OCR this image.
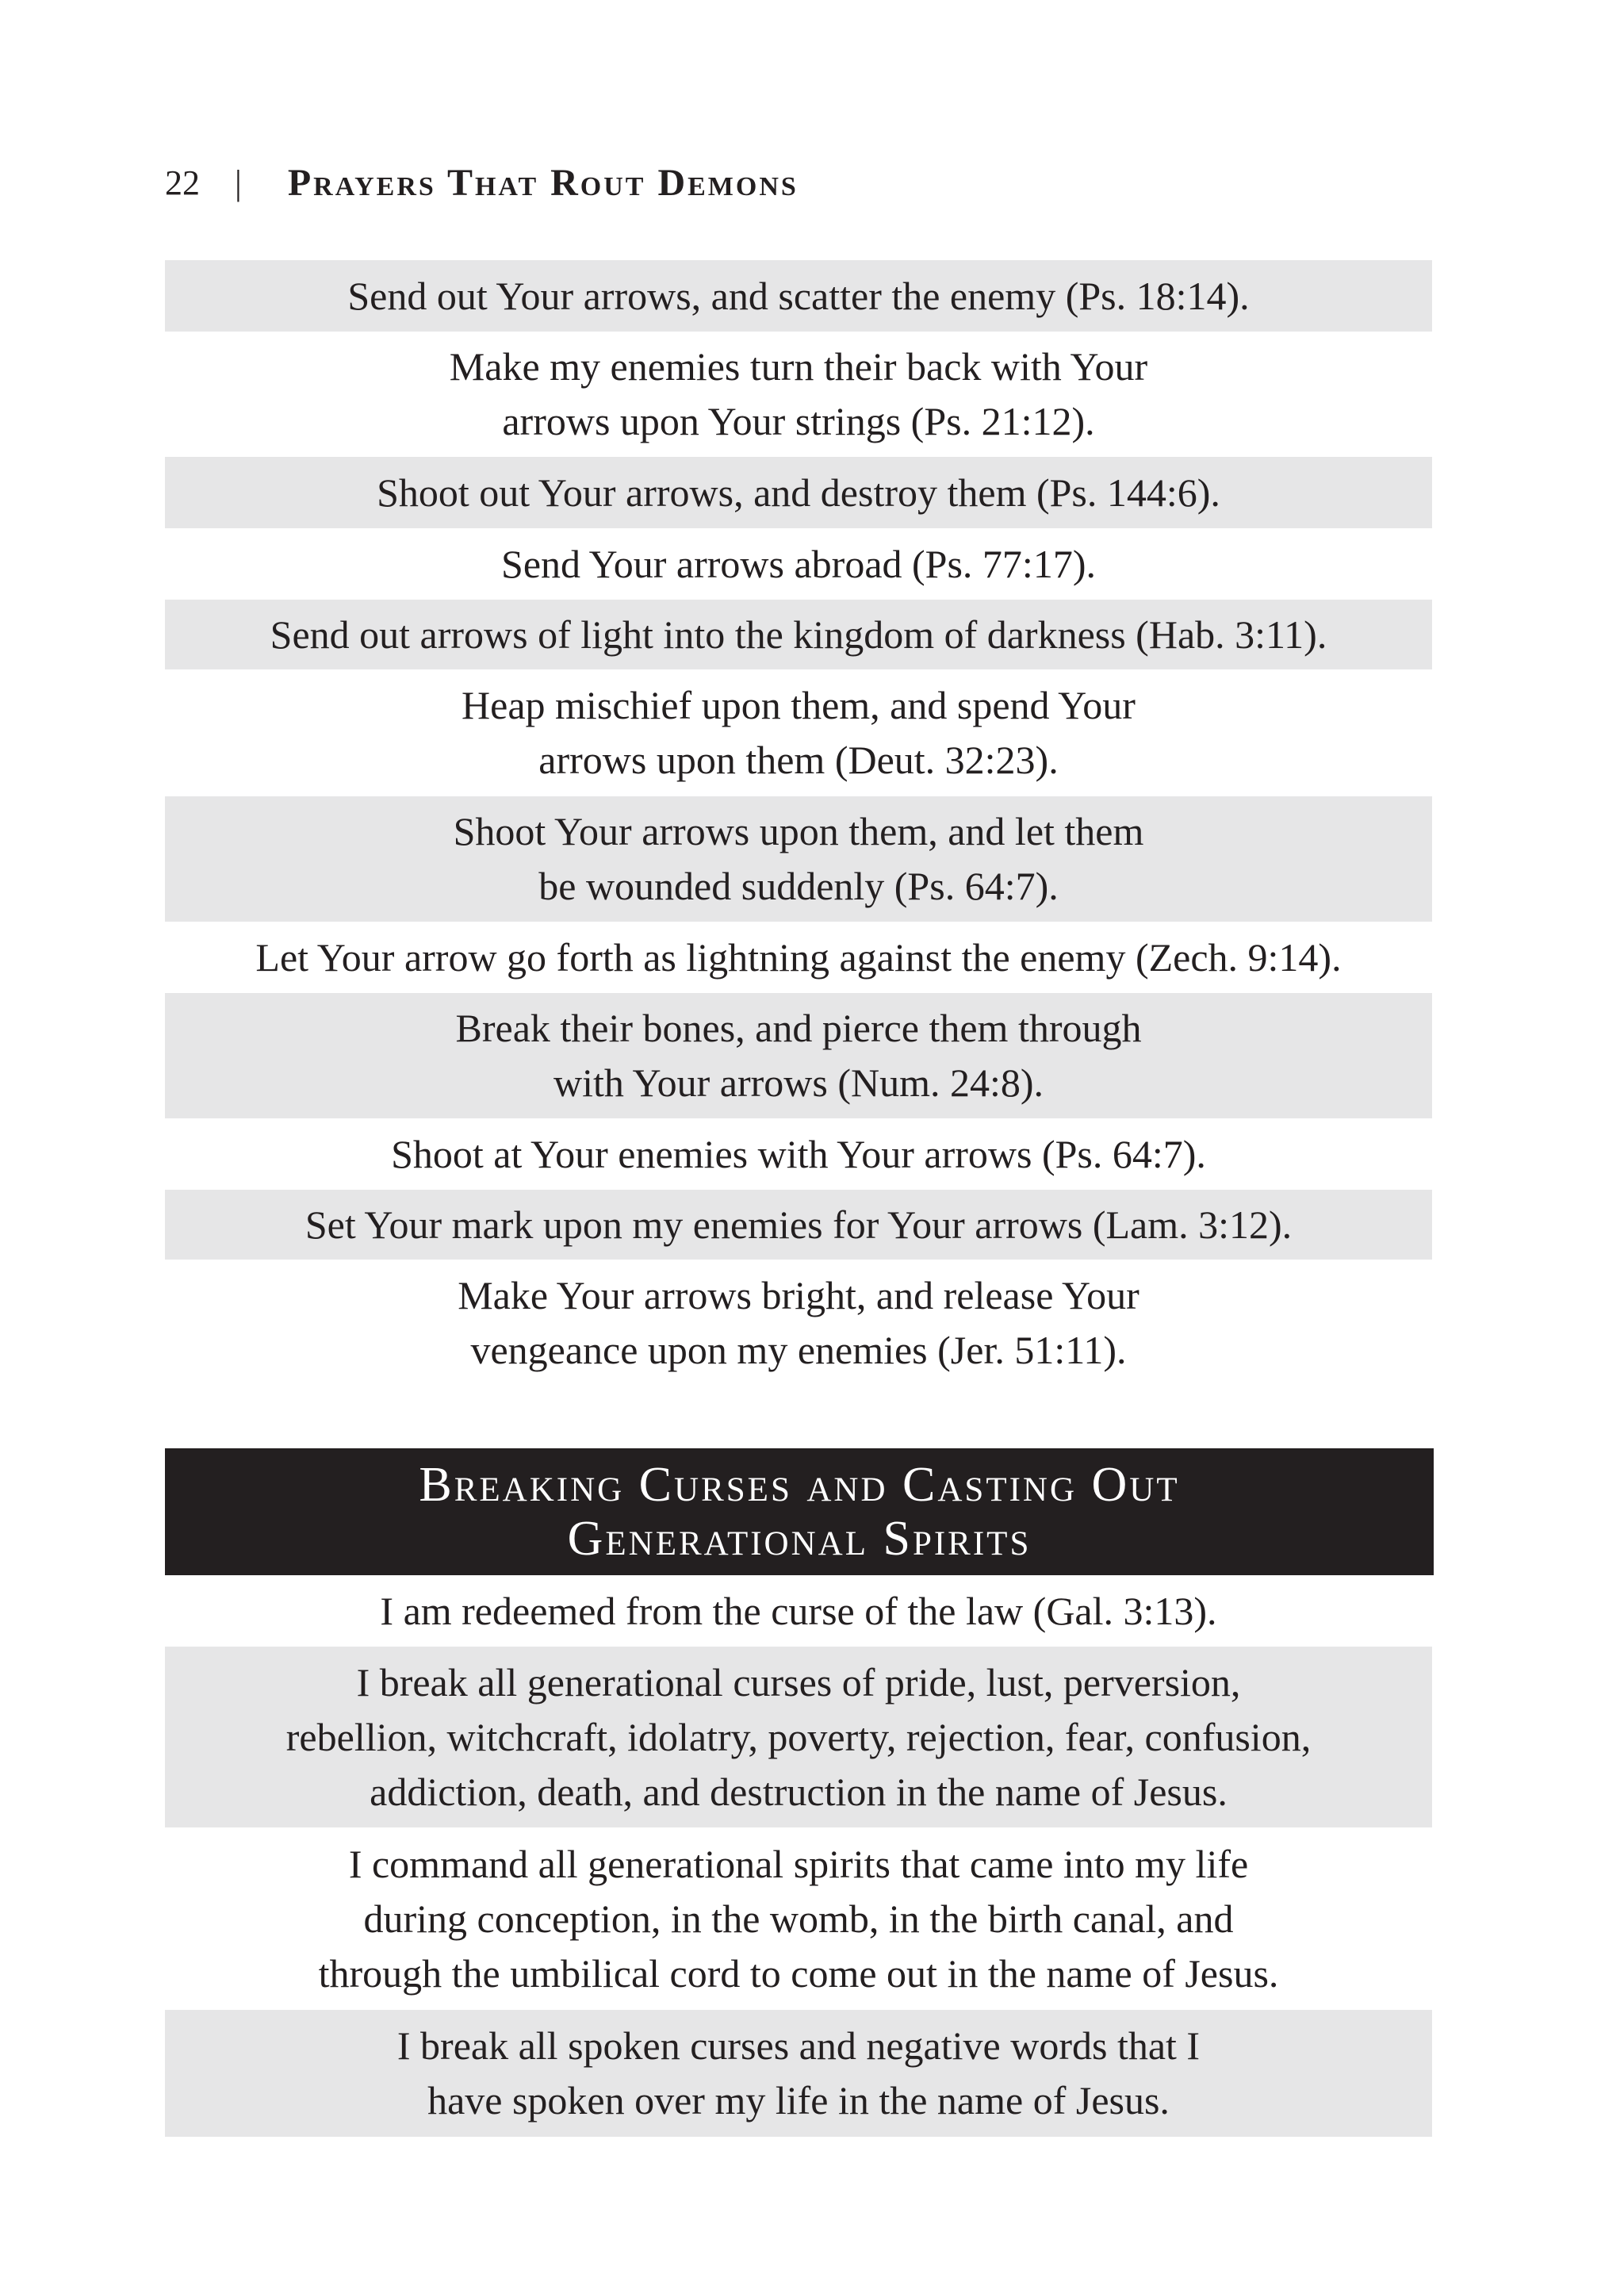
22 | Prayers That Rout Demons
Send out Your arrows, and scatter the enemy (Ps. 18:14).
Make my enemies turn their back with Your
arrows upon Your strings (Ps. 21:12).
Shoot out Your arrows, and destroy them (Ps. 144:6).
Send Your arrows abroad (Ps. 77:17).
Send out arrows of light into the kingdom of darkness (Hab. 3:11).
Heap mischief upon them, and spend Your
arrows upon them (Deut. 32:23).
Shoot Your arrows upon them, and let them
be wounded suddenly (Ps. 64:7).
Let Your arrow go forth as lightning against the enemy (Zech. 9:14).
Break their bones, and pierce them through
with Your arrows (Num. 24:8).
Shoot at Your enemies with Your arrows (Ps. 64:7).
Set Your mark upon my enemies for Your arrows (Lam. 3:12).
Make Your arrows bright, and release Your
vengeance upon my enemies (Jer. 51:11).
Breaking Curses and Casting Out
Generational Spirits
I am redeemed from the curse of the law (Gal. 3:13).
I break all generational curses of pride, lust, perversion,
rebellion, witchcraft, idolatry, poverty, rejection, fear, confusion,
addiction, death, and destruction in the name of Jesus.
I command all generational spirits that came into my life
during conception, in the womb, in the birth canal, and
through the umbilical cord to come out in the name of Jesus.
I break all spoken curses and negative words that I
have spoken over my life in the name of Jesus.
